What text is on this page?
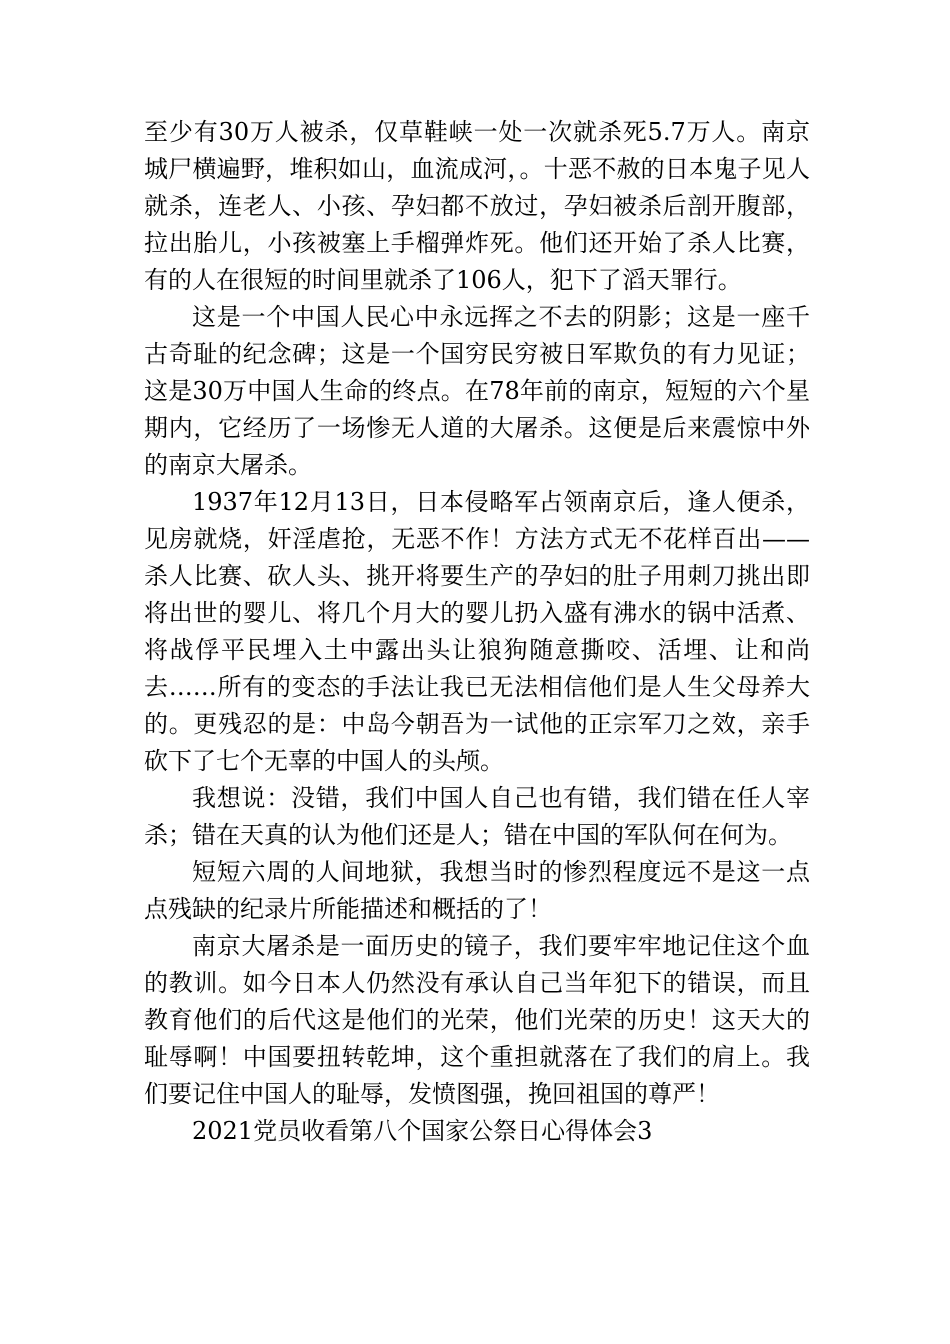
至少有30万人被杀，仅草鞋峡一处一次就杀死5.7万人。南京城尸横遍野，堆积如山，血流成河，。十恶不赦的日本鬼子见人就杀，连老人、小孩、孕妇都不放过，孕妇被杀后剖开腹部，拉出胎儿，小孩被塞上手榴弹炸死。他们还开始了杀人比赛，有的人在很短的时间里就杀了106人，犯下了滔天罪行。

这是一个中国人民心中永远挥之不去的阴影；这是一座千古奇耻的纪念碑；这是一个国穷民穷被日军欺负的有力见证；这是30万中国人生命的终点。在78年前的南京，短短的六个星期内，它经历了一场惨无人道的大屠杀。这便是后来震惊中外的南京大屠杀。

1937年12月13日，日本侵略军占领南京后，逢人便杀，见房就烧，奸淫虐抢，无恶不作！方法方式无不花样百出——杀人比赛、砍人头、挑开将要生产的孕妇的肚子用刺刀挑出即将出世的婴儿、将几个月大的婴儿扔入盛有沸水的锅中活煮、将战俘平民埋入土中露出头让狼狗随意撕咬、活埋、让和尚去……所有的变态的手法让我已无法相信他们是人生父母养大的。更残忍的是：中岛今朝吾为一试他的正宗军刀之效，亲手砍下了七个无辜的中国人的头颅。

我想说：没错，我们中国人自己也有错，我们错在任人宰杀；错在天真的认为他们还是人；错在中国的军队何在何为。

短短六周的人间地狱，我想当时的惨烈程度远不是这一点点残缺的纪录片所能描述和概括的了！

南京大屠杀是一面历史的镜子，我们要牢牢地记住这个血的教训。如今日本人仍然没有承认自己当年犯下的错误，而且教育他们的后代这是他们的光荣，他们光荣的历史！这天大的耻辱啊！中国要扭转乾坤，这个重担就落在了我们的肩上。我们要记住中国人的耻辱，发愤图强，挽回祖国的尊严！

2021党员收看第八个国家公祭日心得体会3
